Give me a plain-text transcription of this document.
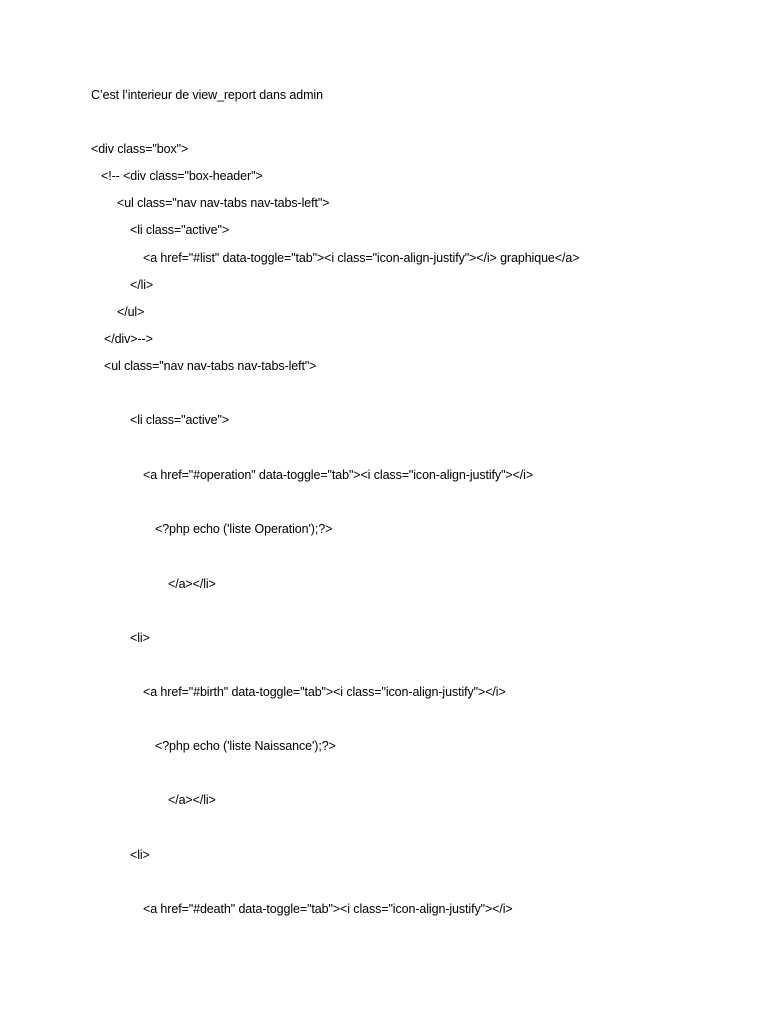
C’est l’interieur de view_report dans admin
<div class="box">
<!-- <div class="box-header">
<ul class="nav nav-tabs nav-tabs-left">
<li class="active">
<a href="#list" data-toggle="tab"><i class="icon-align-justify"></i> graphique</a>
</li>
</ul>
</div>-->
<ul class="nav nav-tabs nav-tabs-left">
<li class="active">
<a href="#operation" data-toggle="tab"><i class="icon-align-justify"></i>
<?php echo ('liste Operation');?>
</a></li>
<li>
<a href="#birth" data-toggle="tab"><i class="icon-align-justify"></i>
<?php echo ('liste Naissance');?>
</a></li>
<li>
<a href="#death" data-toggle="tab"><i class="icon-align-justify"></i>
